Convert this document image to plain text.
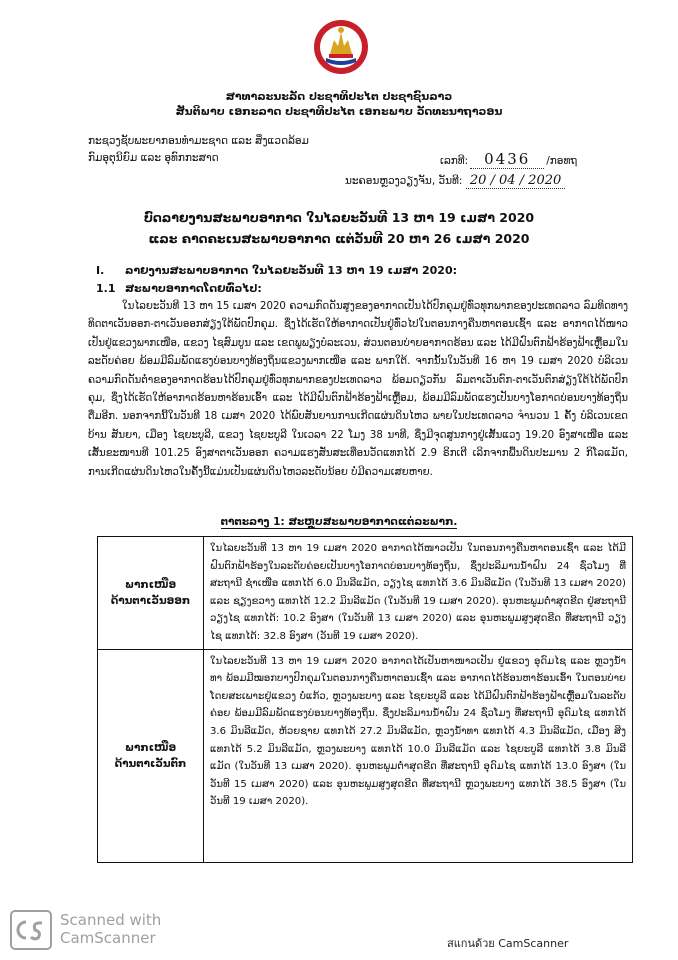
ສາທາລະນະລັດ ປະຊາທິປະໄຕ ປະຊາຊົນລາວ
ສັນຕິພາບ ເອກະລາດ ປະຊາທິປະໄຕ ເອກະພາບ ວັດທະນາຖາວອນ
ກະຊວງຊັບພະຍາກອນທຳມະຊາດ ແລະ ສິ່ງແວດລ້ອມ
ກົມອຸຕຸນິຍົມ ແລະ ອຸທົກກະສາດ	ເລກທີ: 0436 /ກອທຖ
ນະຄອນຫຼວງວຽງຈັນ, ວັນທີ: 20 / 04 / 2020
ບົດລາຍງານສະພາບອາກາດ ໃນໄລຍະວັນທີ 13 ຫາ 19 ເມສາ 2020
ແລະ ຄາດຄະເນສະພາບອາກາດ ແຕ່ວັນທີ 20 ຫາ 26 ເມສາ 2020
I. ລາຍງານສະພາບອາກາດ ໃນໄລຍະວັນທີ 13 ຫາ 19 ເມສາ 2020:
1.1 ສະພາບອາກາດໂດຍທົ່ວໄປ:
ໃນໄລຍະວັນທີ 13 ຫາ 15 ເມສາ 2020 ຄວາມກົດດັນສູງຂອງອາກາດເປັນໄດ້ປົກຄຸມຢູ່ທົ່ວທຸກພາກຂອງປະເທດລາວ ລົມທິດທາງທິດຕາເວັນອອກ-ຕາເວັນອອກສ່ຽງໃຕ້ພັດປົກຄຸມ. ຊຶ່ງໄດ້ເຮັດໃຫ້ອາກາດເປັນຢູ່ທົ່ວໄປໃນຕອນກາງຄືນຫາຕອນເຊົ້າ ແລະ ອາກາດໄດ້ໜາວເປັນຢູ່ແຂວງພາກເໜືອ, ແຂວງ ໄຊສົມບູນ ແລະ ເຂດພູພຽງບໍລະເວນ, ສ່ວນຕອນບ່າຍອາກາດຮ້ອນ ແລະ ໄດ້ມີຝົນຕົກຟ້າຮ້ອງຟ້າເຫຼື້ອມໃນລະດັບຄ່ອຍ ພ້ອມມີລົມພັດແຮງບ່ອນບາງທ້ອງຖິ່ນແຂວງພາກເໜືອ ແລະ ພາກໃຕ້. ຈາກນັ້ນໃນວັນທີ 16 ຫາ 19 ເມສາ 2020 ບໍລິເວນຄວາມກົດດັນຕ່ຳຂອງອາກາດຮ້ອນໄດ້ປົກຄຸມຢູ່ທົ່ວທຸກພາກຂອງປະເທດລາວ ພ້ອມດຽວກັນ ລົມຕາເວັນຕົກ-ຕາເວັນຕົກສ່ຽງໃຕ້ໄດ້ພັດປົກຄຸມ, ຊຶ່ງໄດ້ເຮັດໃຫ້ອາກາດຮ້ອນຫາຮ້ອນເອົ້າ ແລະ ໄດ້ມີຝົນຕົກຟ້າຮ້ອງຟ້າເຫຼື້ອມ, ພ້ອມມີລົມພັດແຮງເປັນບາງໂອກາດບ່ອນບາງທ້ອງຖິ່ນຕື່ມອີກ. ນອກຈາກນີ້ໃນວັນທີ 18 ເມສາ 2020 ໄດ້ພົບສັນຍານການເກີດແຜ່ນດິນໄຫວ ພາຍໃນປະເທດລາວ ຈຳນວນ 1 ຄັ້ງ ບໍລິເວນເຂດບ້ານ ສັນຍາ, ເມືອງ ໄຊຍະບູລີ, ແຂວງ ໄຊຍະບູລີ ໃນເວລາ 22 ໂມງ 38 ນາທີ, ຊຶ່ງມີຈຸດສູນກາງຢູ່ເສັ້ນແວງ 19.20 ອົງສາເໜືອ ແລະ ເສັ້ນຂະໜານທີ 101.25 ອົງສາຕາເວັນອອກ ຄວາມແຮງສັ່ນສະເທືອນວັດແທກໄດ້ 2.9 ຣິກເຕີ ເລິກຈາກພື້ນດິນປະມານ 2 ກິໂລແມັດ, ການເກີດແຜ່ນດິນໄຫວໃນຄັ້ງນີ້ແມ່ນເປັນແຜ່ນດິນໄຫວລະດັບນ້ອຍ ບໍ່ມີຄວາມເສຍຫາຍ.
ຕາຕະລາງ 1: ສະຫຼຸບສະພາບອາກາດແຕ່ລະພາກ.
ພາກເໜືອ
ດ້ານຕາເວັນອອກ	ໃນໄລຍະວັນທີ 13 ຫາ 19 ເມສາ 2020 ອາກາດໄດ້ໜາວເປັນ ໃນຕອນກາງຄືນຫາຕອນເຊົ້າ ແລະ ໄດ້ມີຝົນຕົກຟ້າຮ້ອງໃນລະດັບຄ່ອຍເປັນບາງໂອກາດບ່ອນບາງທ້ອງຖິ່ນ, ຊຶ່ງປະລິມານນ້ຳຝົນ 24 ຊົ່ວໂມງ ທີ່ສະຖານີ ຊຳເໜືອ ແທກໄດ້ 6.0 ມິນລີແມັດ, ວຽງໄຊ ແທກໄດ້ 3.6 ມິນລີແມັດ (ໃນວັນທີ 13 ເມສາ 2020) ແລະ ຊຽງຂວາງ ແທກໄດ້ 12.2 ມິນລີແມັດ (ໃນວັນທີ 19 ເມສາ 2020). ອຸນຫະພູມຕ່ຳສຸດຂີດ ຢູ່ສະຖານີ ວຽງໄຊ ແທກໄດ້: 10.2 ອົງສາ (ໃນວັນທີ 13 ເມສາ 2020) ແລະ ອຸນຫະພູມສູງສຸດຂີດ ທີ່ສະຖານີ ວຽງໄຊ ແທກໄດ້: 32.8 ອົງສາ (ວັນທີ 19 ເມສາ 2020).

ພາກເໜືອ
ດ້ານຕາເວັນຕົກ	ໃນໄລຍະວັນທີ 13 ຫາ 19 ເມສາ 2020 ອາກາດໄດ້ເປັນຫາໜາວເປັນ ຢູ່ແຂວງ ອຸດົມໄຊ ແລະ ຫຼວງນ້ຳທາ ພ້ອມມີໝອກບາງປົກຄຸມໃນຕອນກາງຄືນຫາຕອນເຊົ້າ ແລະ ອາກາດໄດ້ຮ້ອນຫາຮ້ອນເອົ້າ ໃນຕອນບ່າຍໂດຍສະເພາະຢູ່ແຂວງ ບໍ່ແກ້ວ, ຫຼວງພະບາງ ແລະ ໄຊຍະບູລີ ແລະ ໄດ້ມີຝົນຕົກຟ້າຮ້ອງຟ້າເຫຼື້ອມໃນລະດັບຄ່ອຍ ພ້ອມມີລົມພັດແຮງບ່ອນບາງທ້ອງຖິ່ນ. ຊຶ່ງປະລິມານນ້ຳຝົນ 24 ຊົ່ວໂມງ ທີ່ສະຖານີ ອຸດົມໄຊ ແທກໄດ້ 3.6 ມິນລີແມັດ, ຫ້ວຍຊາຍ ແທກໄດ້ 27.2 ມິນລີແມັດ, ຫຼວງນ້ຳທາ ແທກໄດ້ 4.3 ມິນລີແມັດ, ເມືອງ ສິງ ແທກໄດ້ 5.2 ມິນລີແມັດ, ຫຼວງພະບາງ ແທກໄດ້ 10.0 ມິນລີແມັດ ແລະ ໄຊຍະບູລີ ແທກໄດ້ 3.8 ມິນລີແມັດ (ໃນວັນທີ 13 ເມສາ 2020). ອຸນຫະພູມຕ່ຳສຸດຂີດ ທີ່ສະຖານີ ອຸດົມໄຊ ແທກໄດ້ 13.0 ອົງສາ (ໃນວັນທີ 15 ເມສາ 2020) ແລະ ອຸນຫະພູມສູງສຸດຂີດ ທີ່ສະຖານີ ຫຼວງພະບາງ ແທກໄດ້ 38.5 ອົງສາ (ໃນວັນທີ 19 ເມສາ 2020).
Scanned with
CamScanner	สแกนด้วย CamScanner
